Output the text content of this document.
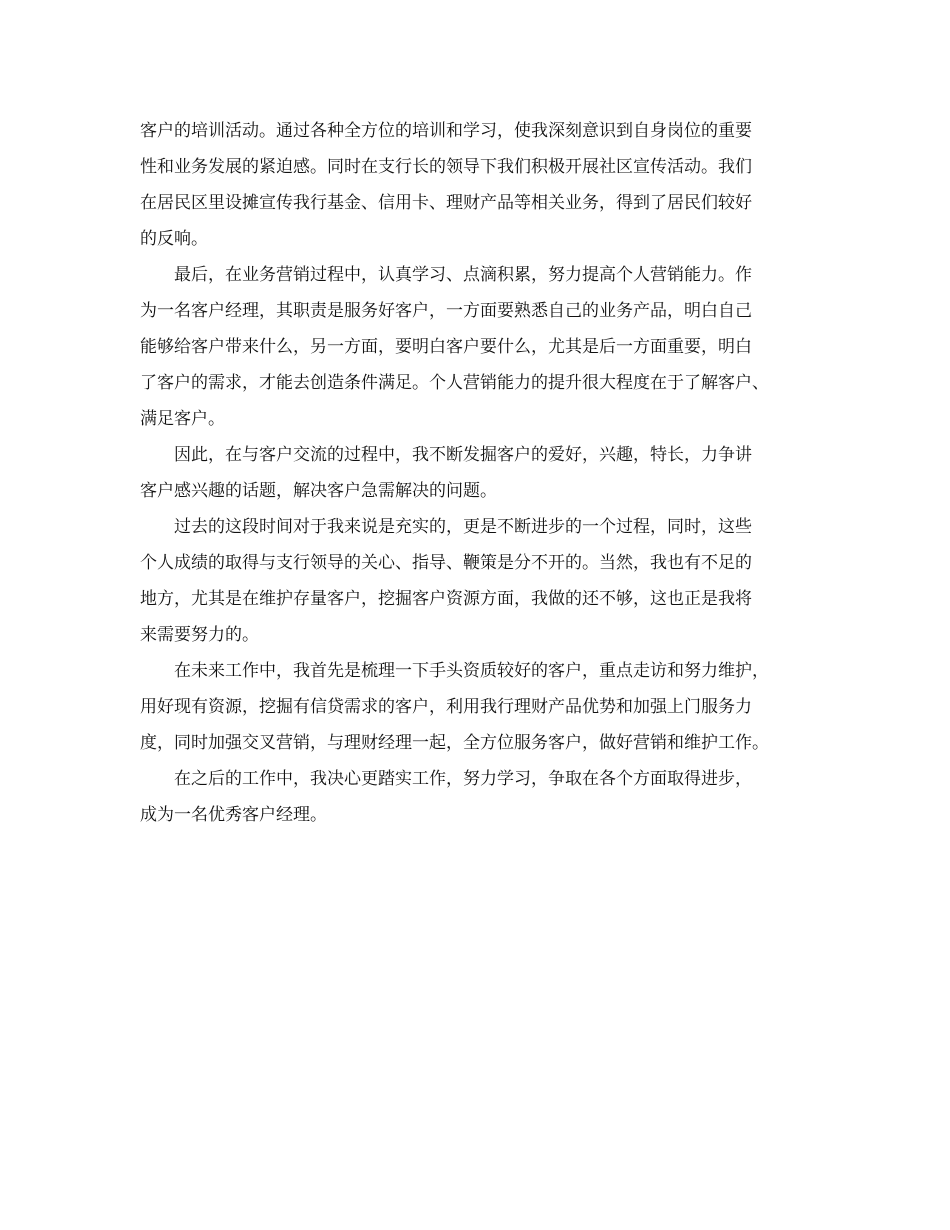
客户的培训活动。通过各种全方位的培训和学习，使我深刻意识到自身岗位的重要
性和业务发展的紧迫感。同时在支行长的领导下我们积极开展社区宣传活动。我们
在居民区里设摊宣传我行基金、信用卡、理财产品等相关业务，得到了居民们较好
的反响。

最后，在业务营销过程中，认真学习、点滴积累，努力提高个人营销能力。作
为一名客户经理，其职责是服务好客户，一方面要熟悉自己的业务产品，明白自己
能够给客户带来什么，另一方面，要明白客户要什么，尤其是后一方面重要，明白
了客户的需求，才能去创造条件满足。个人营销能力的提升很大程度在于了解客户、
满足客户。

因此，在与客户交流的过程中，我不断发掘客户的爱好，兴趣，特长，力争讲
客户感兴趣的话题，解决客户急需解决的问题。

过去的这段时间对于我来说是充实的，更是不断进步的一个过程，同时，这些
个人成绩的取得与支行领导的关心、指导、鞭策是分不开的。当然，我也有不足的
地方，尤其是在维护存量客户，挖掘客户资源方面，我做的还不够，这也正是我将
来需要努力的。

在未来工作中，我首先是梳理一下手头资质较好的客户，重点走访和努力维护，
用好现有资源，挖掘有信贷需求的客户，利用我行理财产品优势和加强上门服务力
度，同时加强交叉营销，与理财经理一起，全方位服务客户，做好营销和维护工作。

在之后的工作中，我决心更踏实工作，努力学习，争取在各个方面取得进步，
成为一名优秀客户经理。
